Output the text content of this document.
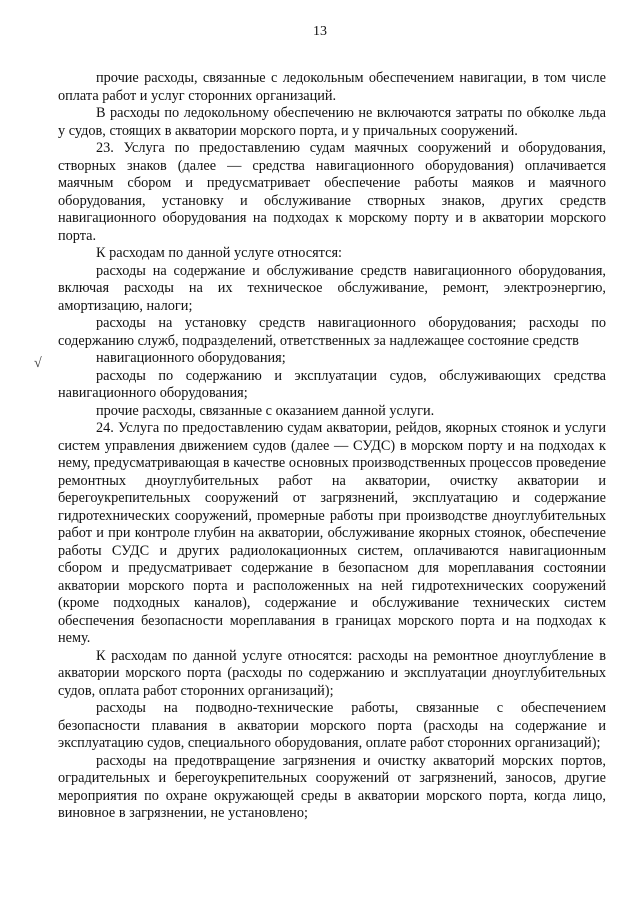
13
√

прочие расходы, связанные с ледокольным обеспечением навигации, в том числе оплата работ и услуг сторонних организаций.

В расходы по ледокольному обеспечению не включаются затраты по обколке льда у судов, стоящих в акватории морского порта, и у причальных сооружений.

23. Услуга по предоставлению судам маячных сооружений и оборудования, створных знаков (далее — средства навигационного оборудования) оплачивается маячным сбором и предусматривает обеспечение работы маяков и маячного оборудования, установку и обслуживание створных знаков, других средств навигационного оборудования на подходах к морскому порту и в акватории морского порта.

К расходам по данной услуге относятся:

расходы на содержание и обслуживание средств навигационного оборудования, включая расходы на их техническое обслуживание, ремонт, электроэнергию, амортизацию, налоги;

расходы на установку средств навигационного оборудования; расходы по содержанию служб, подразделений, ответственных за надлежащее состояние средств

навигационного оборудования;

расходы по содержанию и эксплуатации судов, обслуживающих средства навигационного оборудования;

прочие расходы, связанные с оказанием данной услуги.

24. Услуга по предоставлению судам акватории, рейдов, якорных стоянок и услуги систем управления движением судов (далее — СУДС) в морском порту и на подходах к нему, предусматривающая в качестве основных производственных процессов проведение ремонтных дноуглубительных работ на акватории, очистку акватории и берегоукрепительных сооружений от загрязнений, эксплуатацию и содержание гидротехнических сооружений, промерные работы при производстве дноуглубительных работ и при контроле глубин на акватории, обслуживание якорных стоянок, обеспечение работы СУДС и других радиолокационных систем, оплачиваются навигационным сбором и предусматривает содержание в безопасном для мореплавания состоянии акватории морского порта и расположенных на ней гидротехнических сооружений (кроме подходных каналов), содержание и обслуживание технических систем обеспечения безопасности мореплавания в границах морского порта и на подходах к нему.

К расходам по данной услуге относятся: расходы на ремонтное дноуглубление в акватории морского порта (расходы по содержанию и эксплуатации дноуглубительных судов, оплата работ сторонних организаций);

расходы на подводно-технические работы, связанные с обеспечением безопасности плавания в акватории морского порта (расходы на содержание и эксплуатацию судов, специального оборудования, оплате работ сторонних организаций);

расходы на предотвращение загрязнения и очистку акваторий морских портов, оградительных и берегоукрепительных сооружений от загрязнений, заносов, другие мероприятия по охране окружающей среды в акватории морского порта, когда лицо, виновное в загрязнении, не установлено;
